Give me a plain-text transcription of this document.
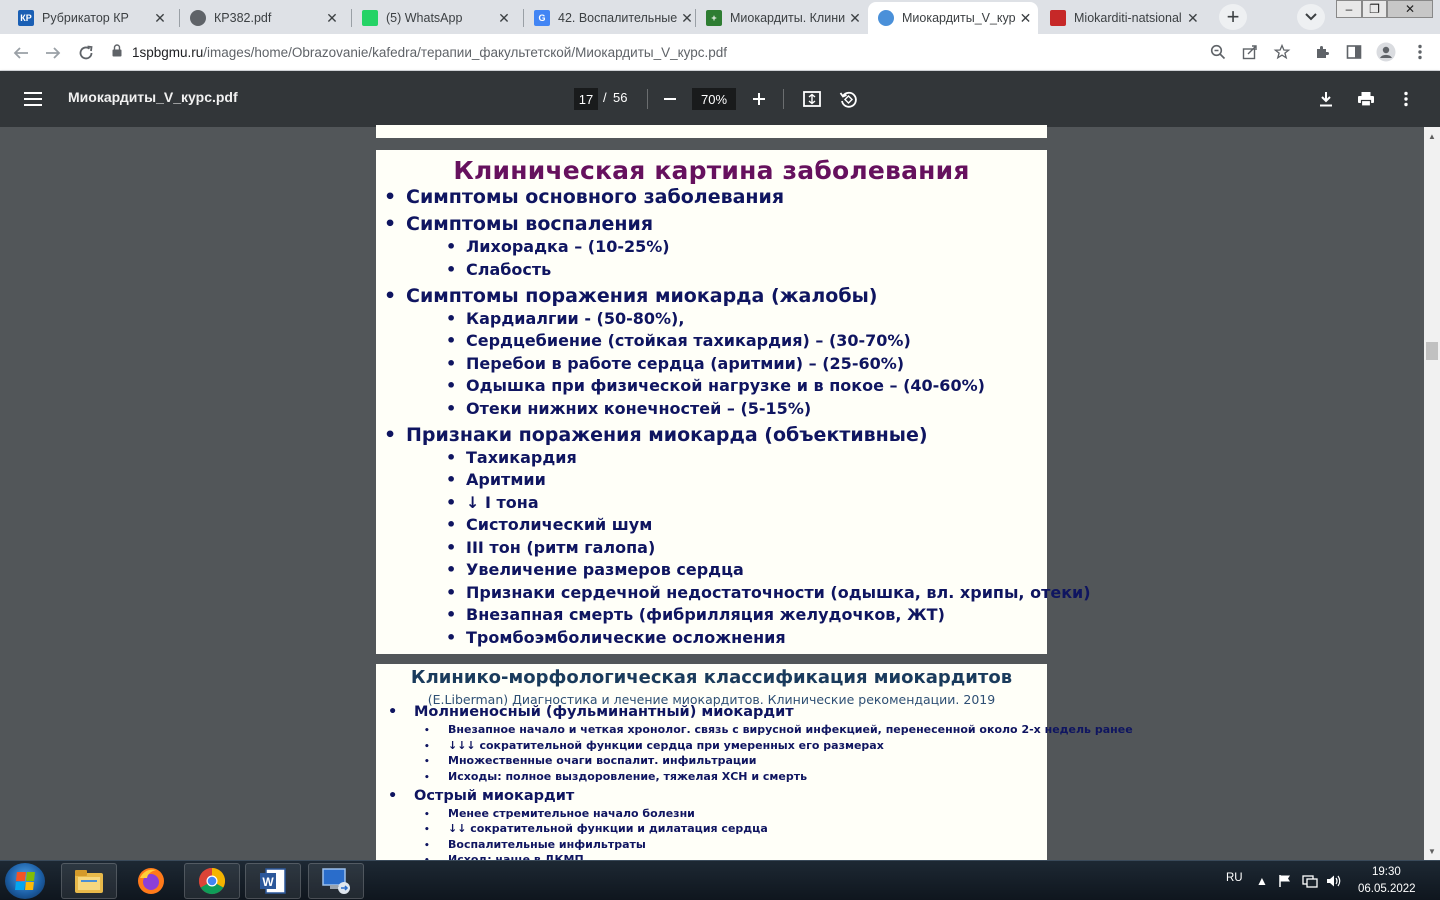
КР Рубрикатор КР	✕	КР382.pdf	✕	(5) WhatsApp	✕	G	42. Воспалительные ✕	+	Миокардиты. Клини ✕	Миокардиты_V_кур ✕	Miokarditi-natsional ✕	+	–	❐	✕
1spbgmu.ru /images/home/Obrazovanie/kafedra/терапии_факультетской/Миокардиты_V_курс.pdf
Миокардиты_V_курс.pdf	17 / 56	70%
Клиническая картина заболевания
• Симптомы основного заболевания
• Симптомы воспаления
• Лихорадка – (10-25%)
• Слабость
• Симптомы поражения миокарда (жалобы)
• Кардиалгии - (50-80%),
• Сердцебиение (стойкая тахикардия) – (30-70%)
• Перебои в работе сердца (аритмии) – (25-60%)
• Одышка при физической нагрузке и в покое – (40-60%)
• Отеки нижних конечностей – (5-15%)
• Признаки поражения миокарда (объективные)
• Тахикардия
• Аритмии
• ↓ I тона
• Систолический шум
• III тон (ритм галопа)
• Увеличение размеров сердца
• Признаки сердечной недостаточности (одышка, вл. хрипы, отеки)
• Внезапная смерть (фибрилляция желудочков, ЖТ)
• Тромбоэмболические осложнения
Клинико-морфологическая классификация миокардитов
(E.Liberman) Диагностика и лечение миокардитов. Клинические рекомендации. 2019
• Молниеносный (фульминантный) миокардит
• Внезапное начало и четкая хронолог. связь с вирусной инфекцией, перенесенной около 2-х недель ранее
• ↓↓↓ сократительной функции сердца при умеренных его размерах
• Множественные очаги воспалит. инфильтрации
• Исходы: полное выздоровление, тяжелая ХСН и смерть
• Острый миокардит
• Менее стремительное начало болезни
• ↓↓ сократительной функции и дилатация сердца
• Воспалительные инфильтраты
▲
▼
W	RU ▲
19:30
06.05.2022
